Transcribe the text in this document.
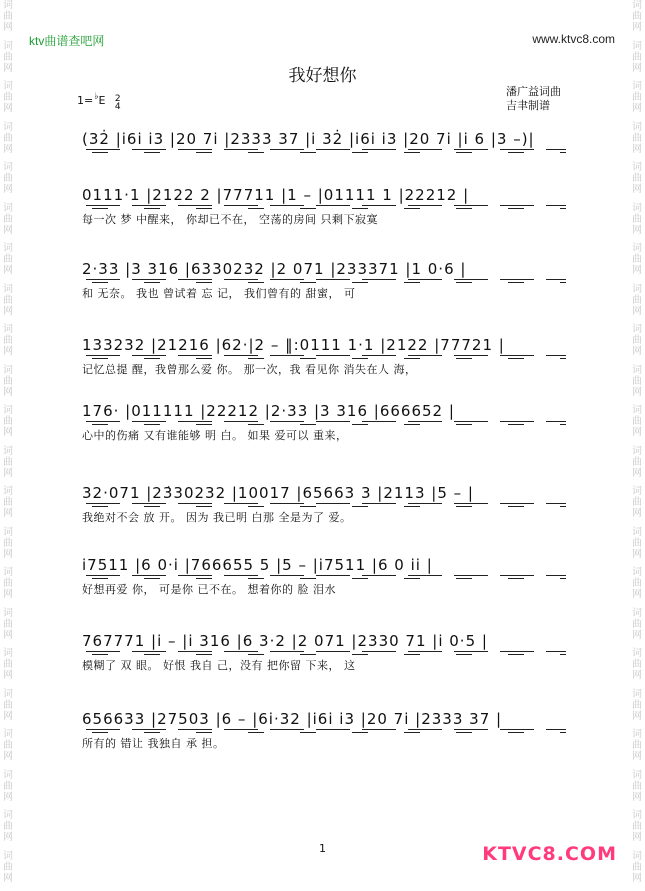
词
曲
网
词
曲
网
词
曲
网
词
曲
网
词
曲
网
词
曲
网
词
曲
网
词
曲
网
词
曲
网
词
曲
网
词
曲
网
词
曲
网
词
曲
网
词
曲
网
词
曲
网
词
曲
网
词
曲
网
词
曲
网
词
曲
网
词
曲
网
词
曲
网
词
曲
网
词
曲
网
词
曲
网
词
曲
网
词
曲
网
词
曲
网
词
曲
网
词
曲
网
词
曲
网
词
曲
网
词
曲
网
词
曲
网
词
曲
网
词
曲
网
词
曲
网
词
曲
网
词
曲
网
词
曲
网
词
曲
网
词
曲
网
词
曲
网
词
曲
网
词
曲
网
ktv曲谱查吧网	www.ktvc8.com
我好想你
潘广益词曲
吉聿制谱
1=♭E 2
4
(32̇ |i6i i3 |20 7i |2333 37 |i 32̇ |i6i i3 |20 7i |i 6 |3 –)|
0111·1 |2122 2 |77711 |1 – |01111 1 |22212 |
每一次 梦 中醒来， 你却已不在， 空荡的房间 只剩下寂寞
2·33 |3 316 |6330232 |2 071 |233371 |1 0·6 |
和 无奈。 我也 曾试着 忘 记， 我们曾有的 甜蜜， 可
133232 |21216 |62·|2 – ‖:0111 1·1 |2122 |77721 |
记忆总提 醒，我曾那么爱 你。 那一次，我 看见你 消失在人 海，
176· |011111 |22212 |2·33 |3 316 |666652 |
心中的伤痛 又有谁能够 明 白。 如果 爱可以 重来，
32·071 |23̇30232 |10017 |65663 3 |2113 |5 – |
我绝对不会 放 开。 因为 我已明 白那 全是为了 爱。
i7511 |6 0·i |766655 5 |5 – |i7511 |6 0 ii |
好想再爱 你， 可是你 已不在。 想着你的 脸 泪水
767771 |i – |i 316 |6 3·2 |2 071 |2330 71 |i 0·5 |
模糊了 双 眼。 好恨 我自 己，没有 把你留 下来， 这
656633 |27503 |6 – |6i·32 |i6i i3 |20 7i |2333 37 |
所有的 错让 我独自 承 担。
1	KTVC8.COM
